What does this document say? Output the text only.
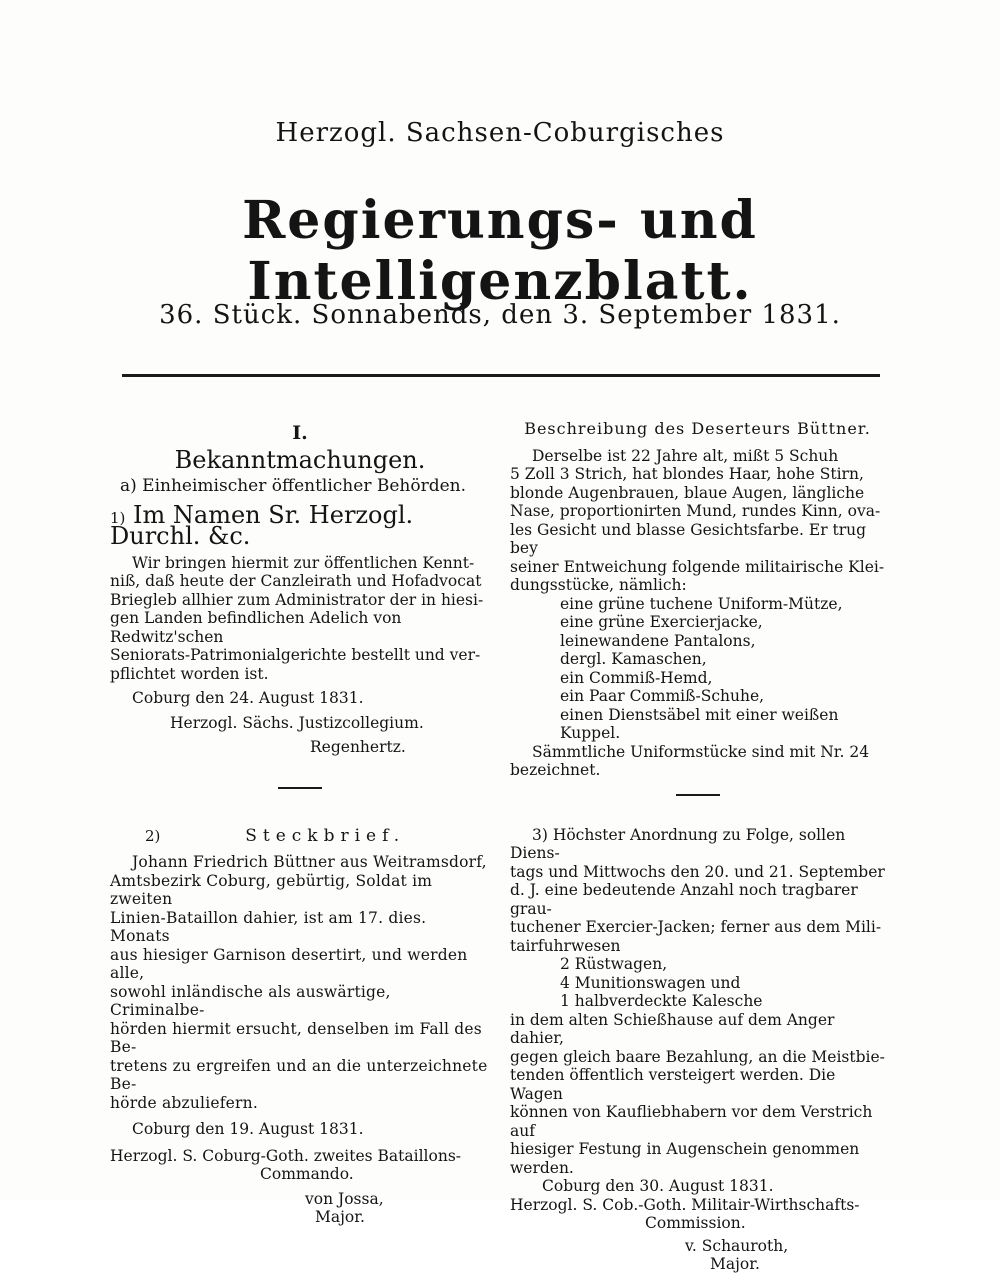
Herzogl. Sachsen-Coburgisches
Regierungs- und Intelligenzblatt.
36. Stück. Sonnabends, den 3. September 1831.
I.
Bekanntmachungen.
a) Einheimischer öffentlicher Behörden.
1) Im Namen Sr. Herzogl. Durchl. &c.
Wir bringen hiermit zur öffentlichen Kennt-
niß, daß heute der Canzleirath und Hofadvocat
Briegleb allhier zum Administrator der in hiesi-
gen Landen befindlichen Adelich von Redwitz'schen
Seniorats-Patrimonialgerichte bestellt und ver-
pflichtet worden ist.
Coburg den 24. August 1831.
Herzogl. Sächs. Justizcollegium.
Regenhertz.
2)	Steckbrief.
Johann Friedrich Büttner aus Weitramsdorf,
Amtsbezirk Coburg, gebürtig, Soldat im zweiten
Linien-Bataillon dahier, ist am 17. dies. Monats
aus hiesiger Garnison desertirt, und werden alle,
sowohl inländische als auswärtige, Criminalbe-
hörden hiermit ersucht, denselben im Fall des Be-
tretens zu ergreifen und an die unterzeichnete Be-
hörde abzuliefern.
Coburg den 19. August 1831.
Herzogl. S. Coburg-Goth. zweites Bataillons-
Commando.
von Jossa,
Major.
Beschreibung des Deserteurs Büttner.
Derselbe ist 22 Jahre alt, mißt 5 Schuh
5 Zoll 3 Strich, hat blondes Haar, hohe Stirn,
blonde Augenbrauen, blaue Augen, längliche
Nase, proportionirten Mund, rundes Kinn, ova-
les Gesicht und blasse Gesichtsfarbe. Er trug bey
seiner Entweichung folgende militairische Klei-
dungsstücke, nämlich:
eine grüne tuchene Uniform-Mütze,
eine grüne Exercierjacke,
leinewandene Pantalons,
dergl. Kamaschen,
ein Commiß-Hemd,
ein Paar Commiß-Schuhe,
einen Dienstsäbel mit einer weißen Kuppel.
Sämmtliche Uniformstücke sind mit Nr. 24
bezeichnet.
3) Höchster Anordnung zu Folge, sollen Diens-
tags und Mittwochs den 20. und 21. September
d. J. eine bedeutende Anzahl noch tragbarer grau-
tuchener Exercier-Jacken; ferner aus dem Mili-
tairfuhrwesen
2 Rüstwagen,
4 Munitionswagen und
1 halbverdeckte Kalesche
in dem alten Schießhause auf dem Anger dahier,
gegen gleich baare Bezahlung, an die Meistbie-
tenden öffentlich versteigert werden. Die Wagen
können von Kaufliebhabern vor dem Verstrich auf
hiesiger Festung in Augenschein genommen werden.
Coburg den 30. August 1831.
Herzogl. S. Cob.-Goth. Militair-Wirthschafts-
Commission.
v. Schauroth,
Major.
